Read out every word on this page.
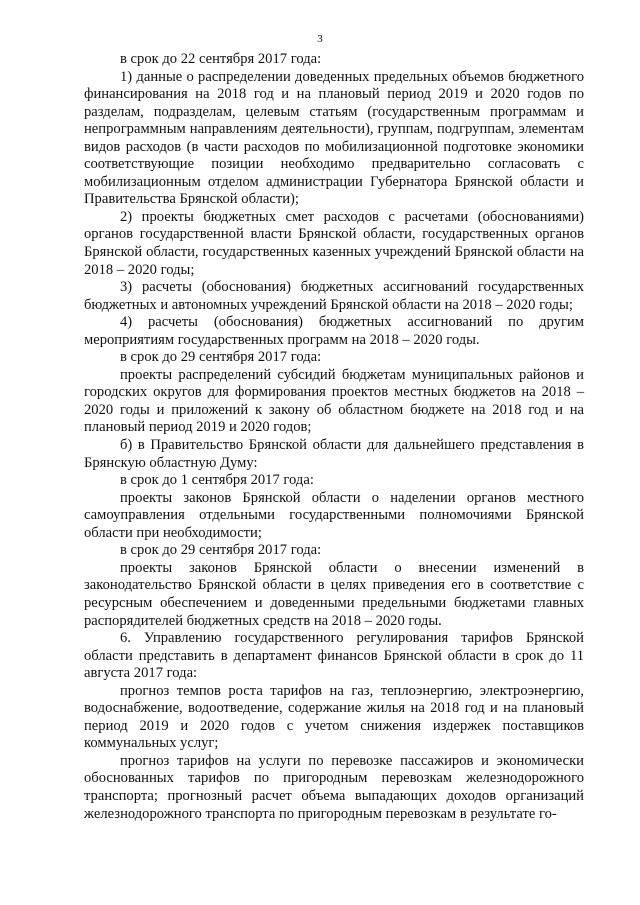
3

в срок до 22 сентября 2017 года:

1) данные о распределении доведенных предельных объемов бюджетного финансирования на 2018 год и на плановый период 2019 и 2020 годов по разделам, подразделам, целевым статьям (государственным программам и непрограммным направлениям деятельности), группам, подгруппам, элементам видов расходов (в части расходов по мобилизационной подготовке экономики соответствующие позиции необходимо предварительно согласовать с мобилизационным отделом администрации Губернатора Брянской области и Правительства Брянской области);

2) проекты бюджетных смет расходов с расчетами (обоснованиями) органов государственной власти Брянской области, государственных органов Брянской области, государственных казенных учреждений Брянской области на 2018 – 2020 годы;

3) расчеты (обоснования) бюджетных ассигнований государственных бюджетных и автономных учреждений Брянской области на 2018 – 2020 годы;

4) расчеты (обоснования) бюджетных ассигнований по другим мероприятиям государственных программ на 2018 – 2020 годы.

в срок до 29 сентября 2017 года:

проекты распределений субсидий бюджетам муниципальных районов и городских округов для формирования проектов местных бюджетов на 2018 – 2020 годы и приложений к закону об областном бюджете на 2018 год и на плановый период 2019 и 2020 годов;

б) в Правительство Брянской области для дальнейшего представления в Брянскую областную Думу:

в срок до 1 сентября 2017 года:

проекты законов Брянской области о наделении органов местного самоуправления отдельными государственными полномочиями Брянской области при необходимости;

в срок до 29 сентября 2017 года:

проекты законов Брянской области о внесении изменений в законодательство Брянской области в целях приведения его в соответствие с ресурсным обеспечением и доведенными предельными бюджетами главных распорядителей бюджетных средств на 2018 – 2020 годы.

6. Управлению государственного регулирования тарифов Брянской области представить в департамент финансов Брянской области в срок до 11 августа 2017 года:

прогноз темпов роста тарифов на газ, теплоэнергию, электроэнергию, водоснабжение, водоотведение, содержание жилья на 2018 год и на плановый период 2019 и 2020 годов с учетом снижения издержек поставщиков коммунальных услуг;

прогноз тарифов на услуги по перевозке пассажиров и экономически обоснованных тарифов по пригородным перевозкам железнодорожного транспорта; прогнозный расчет объема выпадающих доходов организаций железнодорожного транспорта по пригородным перевозкам в результате го-
